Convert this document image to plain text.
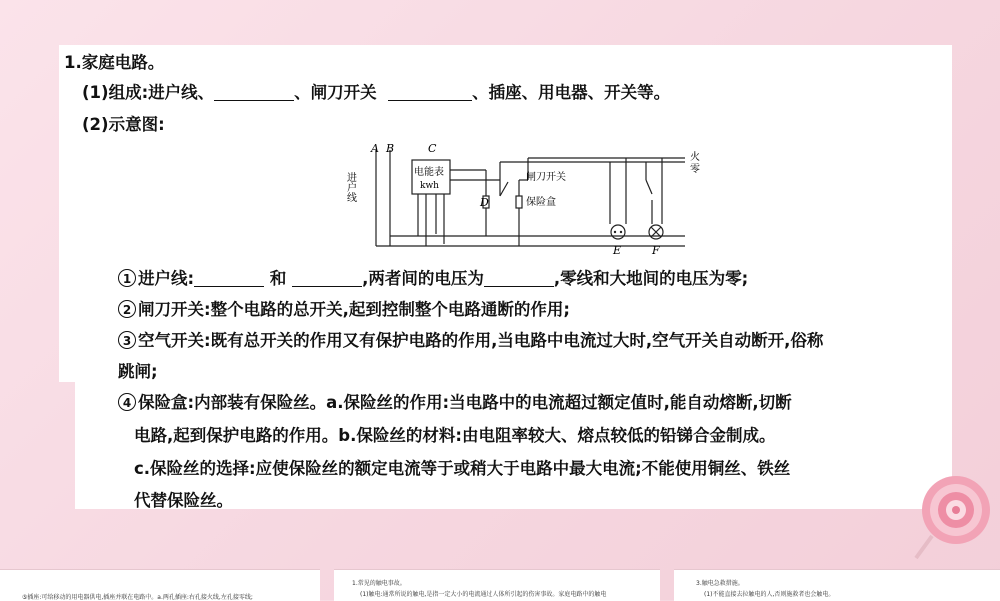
1.家庭电路。
(1)组成:进户线、	、闸刀开关	、插座、用电器、开关等。
(2)示意图:
A B	C
D
E	F
进户线	电能表
kwh
闸刀开关
保险盒
火
零
1 进户线:	和	,两者间的电压为	,零线和大地间的电压为零;
2 闸刀开关:整个电路的总开关,起到控制整个电路通断的作用;
3 空气开关:既有总开关的作用又有保护电路的作用,当电路中电流过大时,空气开关自动断开,俗称
跳闸;
4 保险盒:内部装有保险丝。a.保险丝的作用:当电路中的电流超过额定值时,能自动熔断,切断
电路,起到保护电路的作用。b.保险丝的材料:由电阻率较大、熔点较低的铅锑合金制成。
c.保险丝的选择:应使保险丝的额定电流等于或稍大于电路中最大电流;不能使用铜丝、铁丝
代替保险丝。
⑤插座:可给移动的用电器供电,插座并联在电路中。a.两孔插座:右孔接火线,左孔接零线;
1.常见的触电事故。
(1)触电:通常所说的触电,是指一定大小的电流通过人体所引起的伤害事故。家庭电路中的触电
3.触电急救措施。
(1)不能直接去拉触电的人,否则施救者也会触电。
